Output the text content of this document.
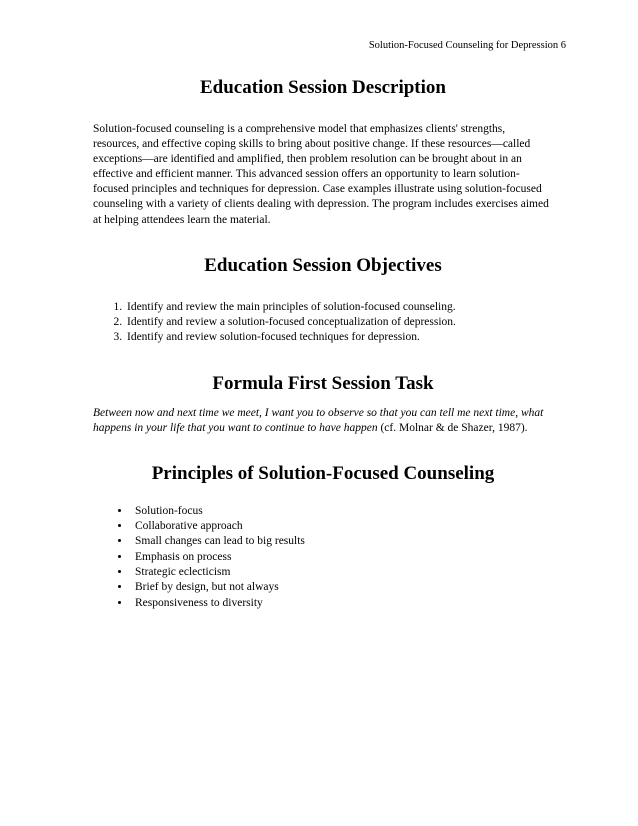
Solution-Focused Counseling for Depression 6
Education Session Description

Solution-focused counseling is a comprehensive model that emphasizes clients' strengths, resources, and effective coping skills to bring about positive change. If these resources—called exceptions—are identified and amplified, then problem resolution can be brought about in an effective and efficient manner. This advanced session offers an opportunity to learn solution-focused principles and techniques for depression. Case examples illustrate using solution-focused counseling with a variety of clients dealing with depression. The program includes exercises aimed at helping attendees learn the material.

Education Session Objectives
1. Identify and review the main principles of solution-focused counseling.
2. Identify and review a solution-focused conceptualization of depression.
3. Identify and review solution-focused techniques for depression.
Formula First Session Task

Between now and next time we meet, I want you to observe so that you can tell me next time, what happens in your life that you want to continue to have happen (cf. Molnar & de Shazer, 1987).

Principles of Solution-Focused Counseling
• Solution-focus
• Collaborative approach
• Small changes can lead to big results
• Emphasis on process
• Strategic eclecticism
• Brief by design, but not always
• Responsiveness to diversity
